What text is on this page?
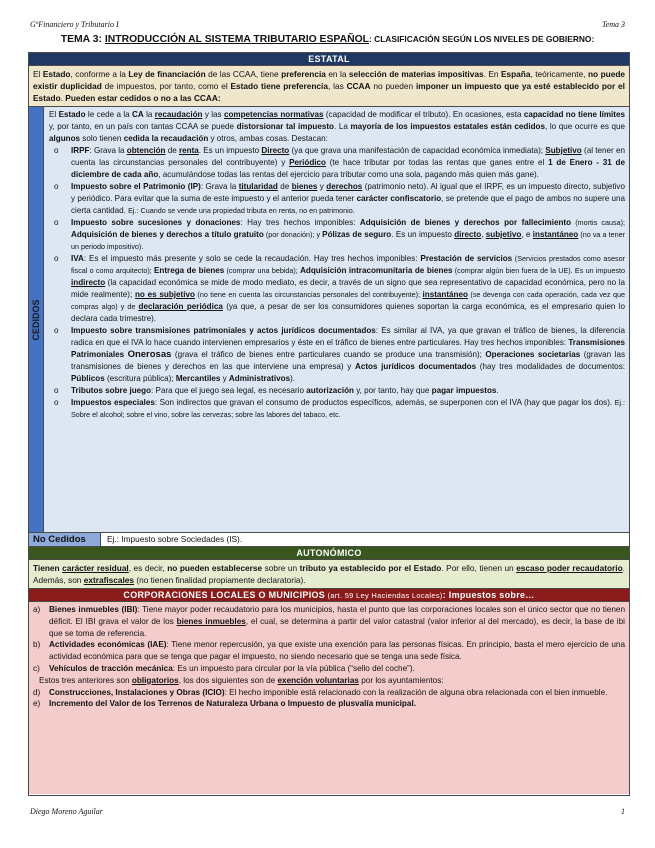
GºFinanciero y Tributario I	Tema 3
TEMA 3: INTRODUCCIÓN AL SISTEMA TRIBUTARIO ESPAÑOL: CLASIFICACIÓN SEGÚN LOS NIVELES DE GOBIERNO:
ESTATAL
El Estado, conforme a la Ley de financiación de las CCAA, tiene preferencia en la selección de materias impositivas. En España, teóricamente, no puede existir duplicidad de impuestos, por tanto, como el Estado tiene preferencia, las CCAA no pueden imponer un impuesto que ya esté establecido por el Estado. Pueden estar cedidos o no a las CCAA:
CEDIDOS

El Estado le cede a la CA la recaudación y las competencias normativas (capacidad de modificar el tributo). En ocasiones, esta capacidad no tiene límites y, por tanto, en un país con tantas CCAA se puede distorsionar tal impuesto. La mayoría de los impuestos estatales están cedidos, lo que ocurre es que algunos solo tienen cedida la recaudación y otros, ambas cosas. Destacan:

o IRPF: Grava la obtención de renta. Es un impuesto Directo (ya que grava una manifestación de capacidad económica inmediata); Subjetivo (al tener en cuenta las circunstancias personales del contribuyente) y Periódico (te hace tributar por todas las rentas que ganes entre el 1 de Enero - 31 de diciembre de cada año, acumulándose todas las rentas del ejercicio para tributar como una sola, pagando más quien más gane).
o Impuesto sobre el Patrimonio (IP): Grava la titularidad de bienes y derechos (patrimonio neto). Al igual que el IRPF, es un impuesto directo, subjetivo y periódico. Para evitar que la suma de este impuesto y el anterior pueda tener carácter confiscatorio, se pretende que el pago de ambos no supere una cierta cantidad. Ej.: Cuando se vende una propiedad tributa en renta, no en patrimonio.
o Impuesto sobre sucesiones y donaciones: Hay tres hechos imponibles: Adquisición de bienes y derechos por fallecimiento (mortis causa); Adquisición de bienes y derechos a título gratuito (por donación); y Pólizas de seguro. Es un impuesto directo, subjetivo, e instantáneo (no va a tener un periodo impositivo).
o IVA: Es el impuesto más presente y solo se cede la recaudación. Hay tres hechos imponibles: Prestación de servicios (Servicios prestados como asesor fiscal o como arquitecto); Entrega de bienes (comprar una bebida); Adquisición intracomunitaria de bienes (comprar algún bien fuera de la UE). Es un impuesto indirecto (la capacidad económica se mide de modo mediato, es decir, a través de un signo que sea representativo de capacidad económica, pero no la mide realmente); no es subjetivo (no tiene en cuenta las circunstancias personales del contribuyente); instantáneo (se devenga con cada operación, cada vez que compras algo) y de declaración periódica (ya que, a pesar de ser los consumidores quienes soportan la carga económica, es el empresario quien lo declara cada trimestre).
o Impuesto sobre transmisiones patrimoniales y actos jurídicos documentados: Es similar al IVA, ya que gravan el tráfico de bienes, la diferencia radica en que el IVA lo hace cuando intervienen empresarios y éste en el tráfico de bienes entre particulares. Hay tres hechos imponibles: Transmisiones Patrimoniales Onerosas (grava el tráfico de bienes entre particulares cuando se produce una transmisión); Operaciones societarias (gravan las transmisiones de bienes y derechos en las que interviene una empresa) y Actos jurídicos documentados (hay tres modalidades de documentos: Públicos (escritura pública); Mercantiles y Administrativos).
o Tributos sobre juego: Para que el juego sea legal, es necesario autorización y, por tanto, hay que pagar impuestos.
o Impuestos especiales: Son indirectos que gravan el consumo de productos específicos, además, se superponen con el IVA (hay que pagar los dos). Ej.: Sobre el alcohol; sobre el vino, sobre las cervezas; sobre las labores del tabaco, etc.
No Cedidos	Ej.: Impuesto sobre Sociedades (IS).
AUTONÓMICO
Tienen carácter residual, es decir, no pueden establecerse sobre un tributo ya establecido por el Estado. Por ello, tienen un escaso poder recaudatorio. Además, son extrafiscales (no tienen finalidad propiamente declaratoria).
CORPORACIONES LOCALES O MUNICIPIOS (art. 59 Ley Haciendas Locales): Impuestos sobre…
a) Bienes inmuebles (IBI): Tiene mayor poder recaudatorio para los municipios, hasta el punto que las corporaciones locales son el único sector que no tienen déficit. El IBI grava el valor de los bienes inmuebles, el cual, se determina a partir del valor catastral (valor inferior al del mercado), es decir, la base de ibi que se toma de referencia.
b) Actividades económicas (IAE): Tiene menor repercusión, ya que existe una exención para las personas físicas. En principio, basta el mero ejercicio de una actividad económica para que se tenga que pagar el impuesto, no siendo necesario que se tenga una sede física.
c) Vehículos de tracción mecánica: Es un impuesto para circular por la vía pública (“sello del coche”).
Estos tres anteriores son obligatorios, los dos siguientes son de exención voluntarias por los ayuntamientos:
d) Construcciones, Instalaciones y Obras (ICIO): El hecho imponible está relacionado con la realización de alguna obra relacionada con el bien inmueble.
e) Incremento del Valor de los Terrenos de Naturaleza Urbana o Impuesto de plusvalía municipal.
Diego Moreno Aguilar	1
